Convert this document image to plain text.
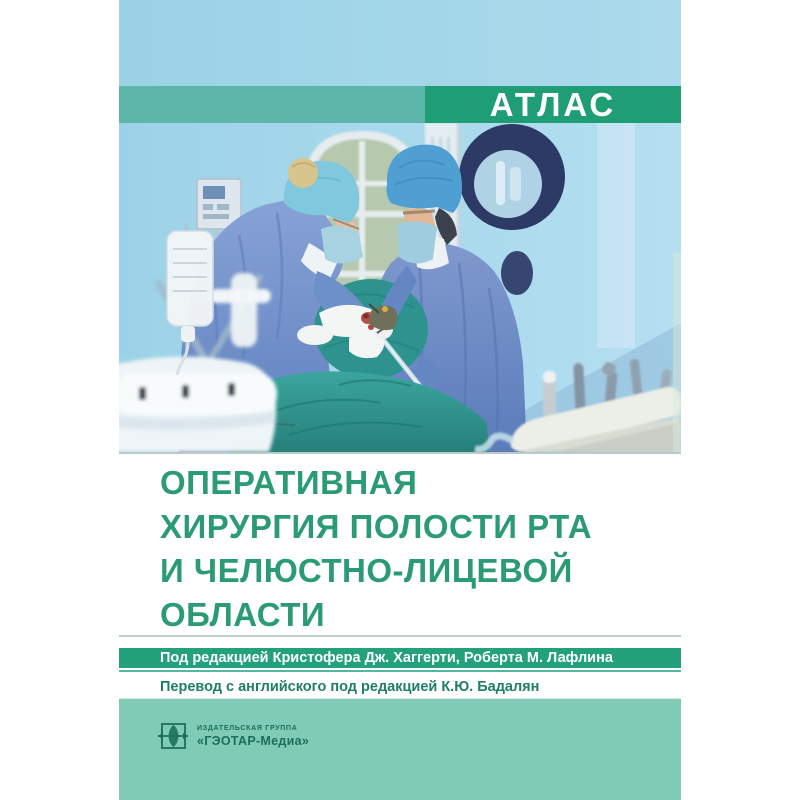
АТЛАС
ОПЕРАТИВНАЯ
ХИРУРГИЯ ПОЛОСТИ РТА
И ЧЕЛЮСТНО-ЛИЦЕВОЙ
ОБЛАСТИ
Под редакцией Кристофера Дж. Хаггерти, Роберта М. Лафлина
Перевод с английского под редакцией К.Ю. Бадалян
ИЗДАТЕЛЬСКАЯ ГРУППА
«ГЭОТАР-Медиа»
